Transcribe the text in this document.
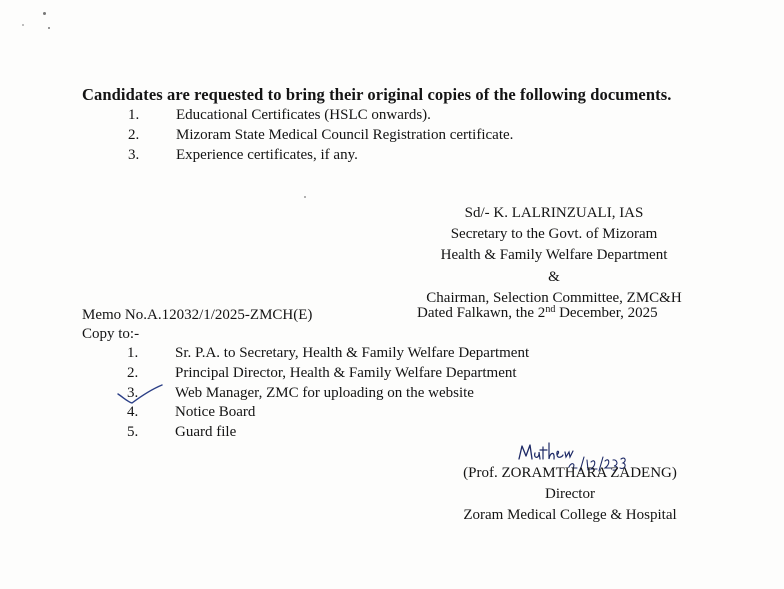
Candidates are requested to bring their original copies of the following documents.
1.	Educational Certificates (HSLC onwards).
2.	Mizoram State Medical Council Registration certificate.
3.	Experience certificates, if any.
Sd/- K. LALRINZUALI, IAS
Secretary to the Govt. of Mizoram
Health & Family Welfare Department
&
Chairman, Selection Committee, ZMC&H
Memo No.A.12032/1/2025-ZMCH(E)	Dated Falkawn, the 2nd December, 2025
Copy to:-
1.	Sr. P.A. to Secretary, Health & Family Welfare Department
2.	Principal Director, Health & Family Welfare Department
3.	Web Manager, ZMC for uploading on the website
4.	Notice Board
5.	Guard file
(Prof. ZORAMTHARA ZADENG)
Director
Zoram Medical College & Hospital
